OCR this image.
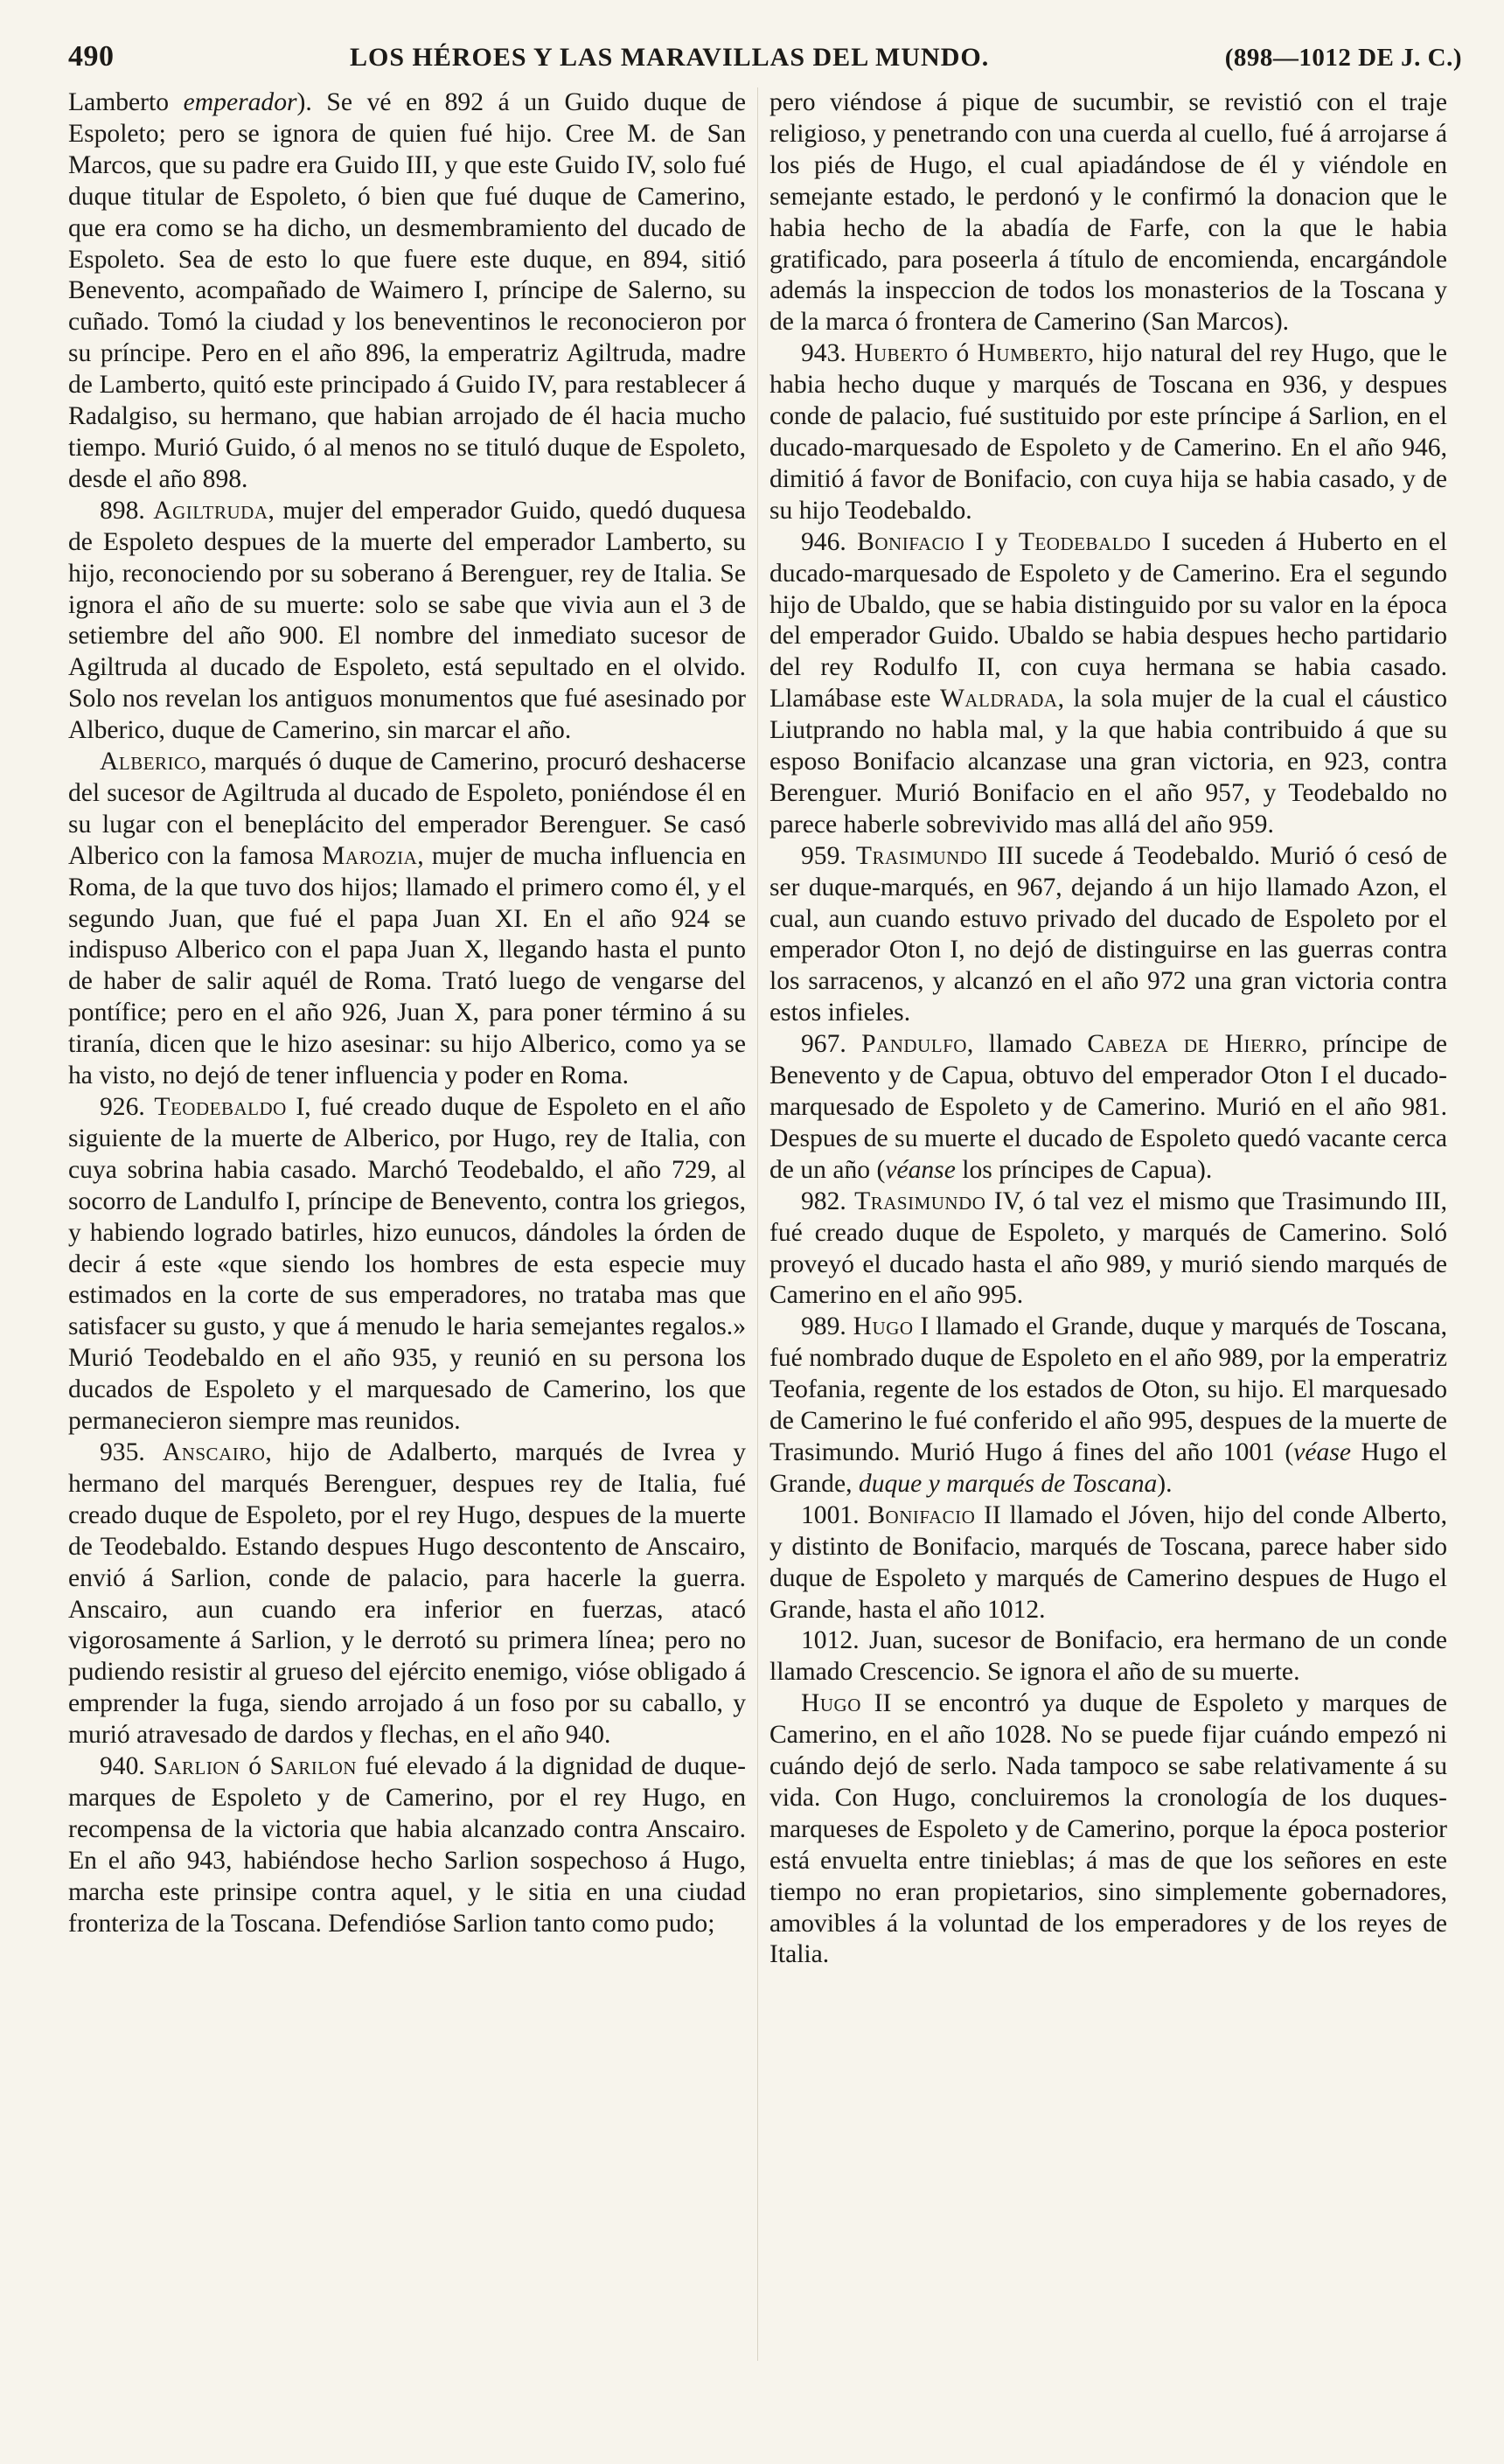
490	LOS HÉROES Y LAS MARAVILLAS DEL MUNDO.	(898—1012 DE J. C.)

Lamberto emperador). Se vé en 892 á un Guido duque de Espoleto; pero se ignora de quien fué hijo. Cree M. de San Marcos, que su padre era Guido III, y que este Guido IV, solo fué duque titular de Espoleto, ó bien que fué duque de Camerino, que era como se ha dicho, un desmembramiento del ducado de Espoleto. Sea de esto lo que fuere este duque, en 894, sitió Benevento, acompañado de Waimero I, príncipe de Salerno, su cuñado. Tomó la ciudad y los beneventinos le reconocieron por su príncipe. Pero en el año 896, la emperatriz Agiltruda, madre de Lamberto, quitó este principado á Guido IV, para restablecer á Radalgiso, su hermano, que habian arrojado de él hacia mucho tiempo. Murió Guido, ó al menos no se tituló duque de Espoleto, desde el año 898.

898. Agiltruda, mujer del emperador Guido, quedó duquesa de Espoleto despues de la muerte del emperador Lamberto, su hijo, reconociendo por su soberano á Berenguer, rey de Italia. Se ignora el año de su muerte: solo se sabe que vivia aun el 3 de setiembre del año 900. El nombre del inmediato sucesor de Agiltruda al ducado de Espoleto, está sepultado en el olvido. Solo nos revelan los antiguos monumentos que fué asesinado por Alberico, duque de Camerino, sin marcar el año.

Alberico, marqués ó duque de Camerino, procuró deshacerse del sucesor de Agiltruda al ducado de Espoleto, poniéndose él en su lugar con el beneplácito del emperador Berenguer. Se casó Alberico con la famosa Marozia, mujer de mucha influencia en Roma, de la que tuvo dos hijos; llamado el primero como él, y el segundo Juan, que fué el papa Juan XI. En el año 924 se indispuso Alberico con el papa Juan X, llegando hasta el punto de haber de salir aquél de Roma. Trató luego de vengarse del pontífice; pero en el año 926, Juan X, para poner término á su tiranía, dicen que le hizo asesinar: su hijo Alberico, como ya se ha visto, no dejó de tener influencia y poder en Roma.

926. Teodebaldo I, fué creado duque de Espoleto en el año siguiente de la muerte de Alberico, por Hugo, rey de Italia, con cuya sobrina habia casado. Marchó Teodebaldo, el año 729, al socorro de Landulfo I, príncipe de Benevento, contra los griegos, y habiendo logrado batirles, hizo eunucos, dándoles la órden de decir á este «que siendo los hombres de esta especie muy estimados en la corte de sus emperadores, no trataba mas que satisfacer su gusto, y que á menudo le haria semejantes regalos.» Murió Teodebaldo en el año 935, y reunió en su persona los ducados de Espoleto y el marquesado de Camerino, los que permanecieron siempre mas reunidos.

935. Anscairo, hijo de Adalberto, marqués de Ivrea y hermano del marqués Berenguer, despues rey de Italia, fué creado duque de Espoleto, por el rey Hugo, despues de la muerte de Teodebaldo. Estando despues Hugo descontento de Anscairo, envió á Sarlion, conde de palacio, para hacerle la guerra. Anscairo, aun cuando era inferior en fuerzas, atacó vigorosamente á Sarlion, y le derrotó su primera línea; pero no pudiendo resistir al grueso del ejército enemigo, vióse obligado á emprender la fuga, siendo arrojado á un foso por su caballo, y murió atravesado de dardos y flechas, en el año 940.

940. Sarlion ó Sarilon fué elevado á la dignidad de duque-marques de Espoleto y de Camerino, por el rey Hugo, en recompensa de la victoria que habia alcanzado contra Anscairo. En el año 943, habiéndose hecho Sarlion sospechoso á Hugo, marcha este prinsipe contra aquel, y le sitia en una ciudad fronteriza de la Toscana. Defendióse Sarlion tanto como pudo;

pero viéndose á pique de sucumbir, se revistió con el traje religioso, y penetrando con una cuerda al cuello, fué á arrojarse á los piés de Hugo, el cual apiadándose de él y viéndole en semejante estado, le perdonó y le confirmó la donacion que le habia hecho de la abadía de Farfe, con la que le habia gratificado, para poseerla á título de encomienda, encargándole además la inspeccion de todos los monasterios de la Toscana y de la marca ó frontera de Camerino (San Marcos).

943. Huberto ó Humberto, hijo natural del rey Hugo, que le habia hecho duque y marqués de Toscana en 936, y despues conde de palacio, fué sustituido por este príncipe á Sarlion, en el ducado-marquesado de Espoleto y de Camerino. En el año 946, dimitió á favor de Bonifacio, con cuya hija se habia casado, y de su hijo Teodebaldo.

946. Bonifacio I y Teodebaldo I suceden á Huberto en el ducado-marquesado de Espoleto y de Camerino. Era el segundo hijo de Ubaldo, que se habia distinguido por su valor en la época del emperador Guido. Ubaldo se habia despues hecho partidario del rey Rodulfo II, con cuya hermana se habia casado. Llamábase este Waldrada, la sola mujer de la cual el cáustico Liutprando no habla mal, y la que habia contribuido á que su esposo Bonifacio alcanzase una gran victoria, en 923, contra Berenguer. Murió Bonifacio en el año 957, y Teodebaldo no parece haberle sobrevivido mas allá del año 959.

959. Trasimundo III sucede á Teodebaldo. Murió ó cesó de ser duque-marqués, en 967, dejando á un hijo llamado Azon, el cual, aun cuando estuvo privado del ducado de Espoleto por el emperador Oton I, no dejó de distinguirse en las guerras contra los sarracenos, y alcanzó en el año 972 una gran victoria contra estos infieles.

967. Pandulfo, llamado Cabeza de Hierro, príncipe de Benevento y de Capua, obtuvo del emperador Oton I el ducado-marquesado de Espoleto y de Camerino. Murió en el año 981. Despues de su muerte el ducado de Espoleto quedó vacante cerca de un año (véanse los príncipes de Capua).

982. Trasimundo IV, ó tal vez el mismo que Trasimundo III, fué creado duque de Espoleto, y marqués de Camerino. Soló proveyó el ducado hasta el año 989, y murió siendo marqués de Camerino en el año 995.

989. Hugo I llamado el Grande, duque y marqués de Toscana, fué nombrado duque de Espoleto en el año 989, por la emperatriz Teofania, regente de los estados de Oton, su hijo. El marquesado de Camerino le fué conferido el año 995, despues de la muerte de Trasimundo. Murió Hugo á fines del año 1001 (véase Hugo el Grande, duque y marqués de Toscana).

1001. Bonifacio II llamado el Jóven, hijo del conde Alberto, y distinto de Bonifacio, marqués de Toscana, parece haber sido duque de Espoleto y marqués de Camerino despues de Hugo el Grande, hasta el año 1012.

1012. Juan, sucesor de Bonifacio, era hermano de un conde llamado Crescencio. Se ignora el año de su muerte.

Hugo II se encontró ya duque de Espoleto y marques de Camerino, en el año 1028. No se puede fijar cuándo empezó ni cuándo dejó de serlo. Nada tampoco se sabe relativamente á su vida. Con Hugo, concluiremos la cronología de los duques-marqueses de Espoleto y de Camerino, porque la época posterior está envuelta entre tinieblas; á mas de que los señores en este tiempo no eran propietarios, sino simplemente gobernadores, amovibles á la voluntad de los emperadores y de los reyes de Italia.
